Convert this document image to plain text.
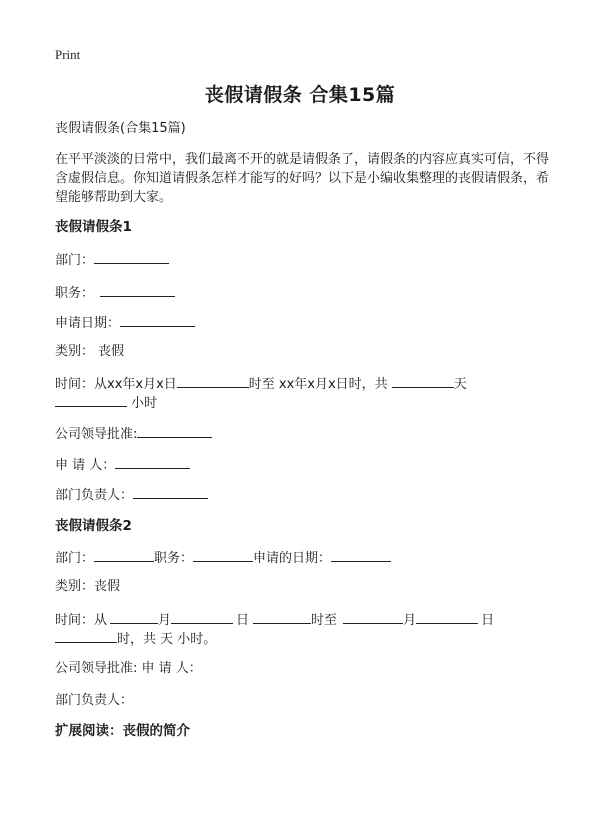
Print
丧假请假条 合集15篇
丧假请假条(合集15篇)
在平平淡淡的日常中，我们最离不开的就是请假条了，请假条的内容应真实可信，不得含虚假信息。你知道请假条怎样才能写的好吗？以下是小编收集整理的丧假请假条，希望能够帮助到大家。
丧假请假条1
部门：
职务：
申请日期：
类别： 丧假
时间：从xx年x月x日	时至 xx年x月x日时，共	天
小时
公司领导批准:
申 请 人：
部门负责人：
丧假请假条2
部门：	职务：	申请的日期：
类别：丧假
时间：从	月	日	时至	月	日
时，共 天 小时。
公司领导批准: 申 请 人：
部门负责人：
扩展阅读：丧假的简介
